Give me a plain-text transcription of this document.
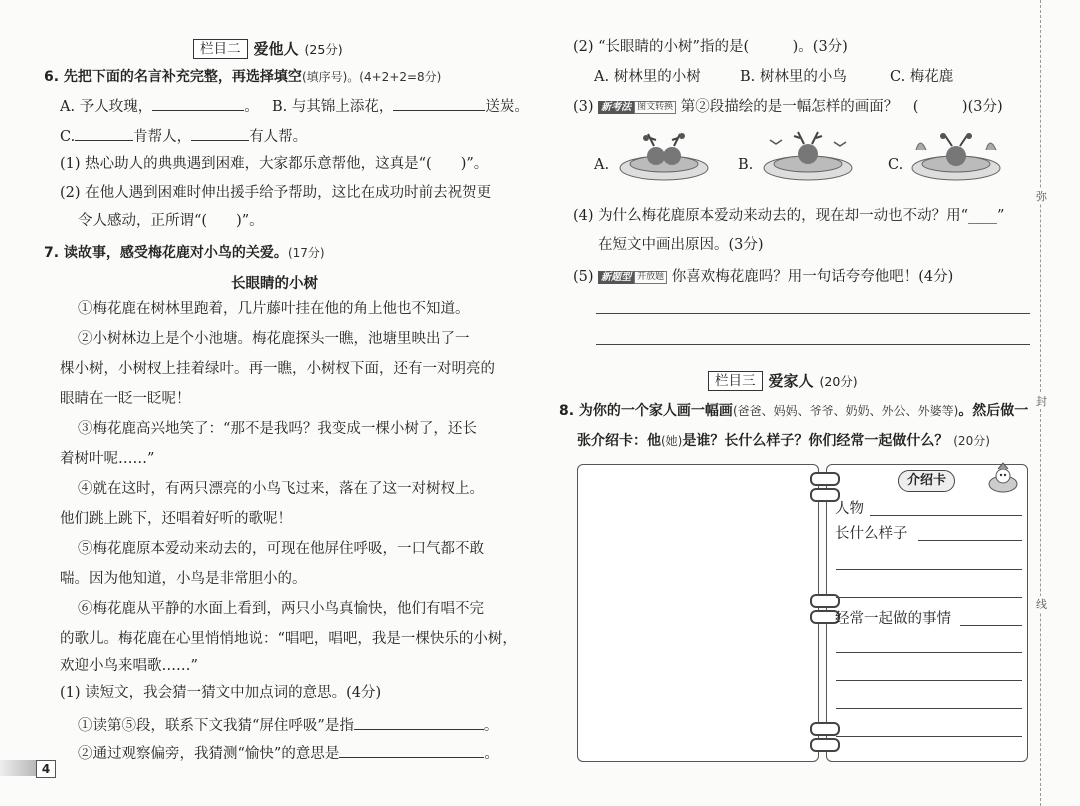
栏目二 爱他人 (25分)
6. 先把下面的名言补充完整，再选择填空(填序号)。(4+2+2=8分)
A. 予人玫瑰，	。 B. 与其锦上添花，	送炭。
C.	肯帮人，	有人帮。
(1) 热心助人的典典遇到困难，大家都乐意帮他，这真是“(　　)”。
(2) 在他人遇到困难时伸出援手给予帮助，这比在成功时前去祝贺更
令人感动，正所谓“(　　)”。
7. 读故事，感受梅花鹿对小鸟的关爱。(17分)
长眼睛的小树
①梅花鹿在树林里跑着，几片藤叶挂在他的角上他也不知道。
②小树林边上是个小池塘。梅花鹿探头一瞧，池塘里映出了一
棵小树，小树杈上挂着绿叶。再一瞧，小树杈下面，还有一对明亮的
眼睛在一眨一眨呢！
③梅花鹿高兴地笑了：“那不是我吗？我变成一棵小树了，还长
着树叶呢……”
④就在这时，有两只漂亮的小鸟飞过来，落在了这一对树杈上。
他们跳上跳下，还唱着好听的歌呢！
⑤梅花鹿原本爱动来动去的，可现在他屏住呼吸，一口气都不敢
喘。因为他知道，小鸟是非常胆小的。
⑥梅花鹿从平静的水面上看到，两只小鸟真愉快，他们有唱不完
的歌儿。梅花鹿在心里悄悄地说：“唱吧，唱吧，我是一棵快乐的小树，
欢迎小鸟来唱歌……”
(1) 读短文，我会猜一猜文中加点词的意思。(4分)
①读第⑤段，联系下文我猜“屏住呼吸”是指	。
②通过观察偏旁，我猜测“愉快”的意思是	。
4
(2) “长眼睛的小树”指的是(　　　)。(3分)
A. 树林里的小树	B. 树林里的小鸟	C. 梅花鹿
(3) 新考法 图文转换 第②段描绘的是一幅怎样的画面？　(　　　)(3分)
A.	B.	C.
(4) 为什么梅花鹿原本爱动来动去的，现在却一动也不动？用“____”
在短文中画出原因。(3分)
(5) 新题型 开放题 你喜欢梅花鹿吗？用一句话夸夸他吧！(4分)
栏目三 爱家人 (20分)
8. 为你的一个家人画一幅画(爸爸、妈妈、爷爷、奶奶、外公、外婆等)。然后做一
张介绍卡：他(她)是谁？长什么样子？你们经常一起做什么？ (20分)
介绍卡
人物
长什么样子
经常一起做的事情
弥
封
线
